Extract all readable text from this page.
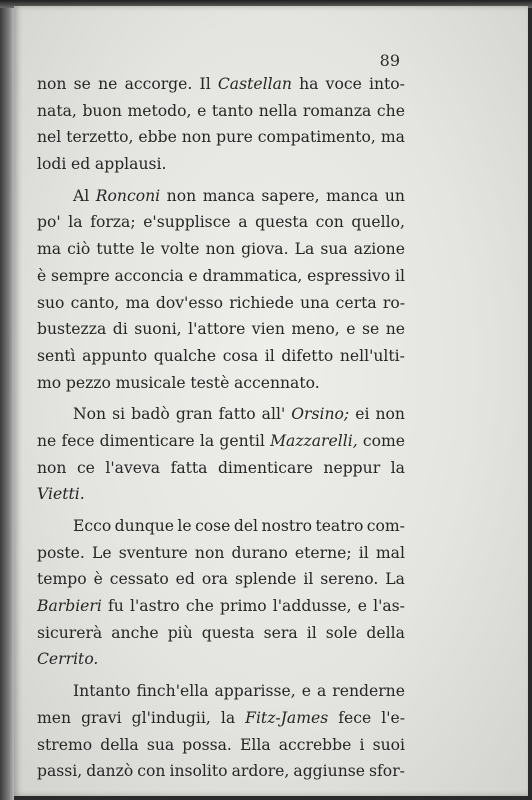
89
non se ne accorge. Il Castellan ha voce into-
nata, buon metodo, e tanto nella romanza che
nel terzetto, ebbe non pure compatimento, ma
lodi ed applausi.
Al Ronconi non manca sapere, manca un
po' la forza; e'supplisce a questa con quello,
ma ciò tutte le volte non giova. La sua azione
è sempre acconcia e drammatica, espressivo il
suo canto, ma dov'esso richiede una certa ro-
bustezza di suoni, l'attore vien meno, e se ne
sentì appunto qualche cosa il difetto nell'ulti-
mo pezzo musicale testè accennato.
Non si badò gran fatto all' Orsino; ei non
ne fece dimenticare la gentil Mazzarelli, come
non ce l'aveva fatta dimenticare neppur la
Vietti.
Ecco dunque le cose del nostro teatro com-
poste. Le sventure non durano eterne; il mal
tempo è cessato ed ora splende il sereno. La
Barbieri fu l'astro che primo l'addusse, e l'as-
sicurerà anche più questa sera il sole della
Cerrito.
Intanto finch'ella apparisse, e a renderne
men gravi gl'indugii, la Fitz-James fece l'e-
stremo della sua possa. Ella accrebbe i suoi
passi, danzò con insolito ardore, aggiunse sfor-
